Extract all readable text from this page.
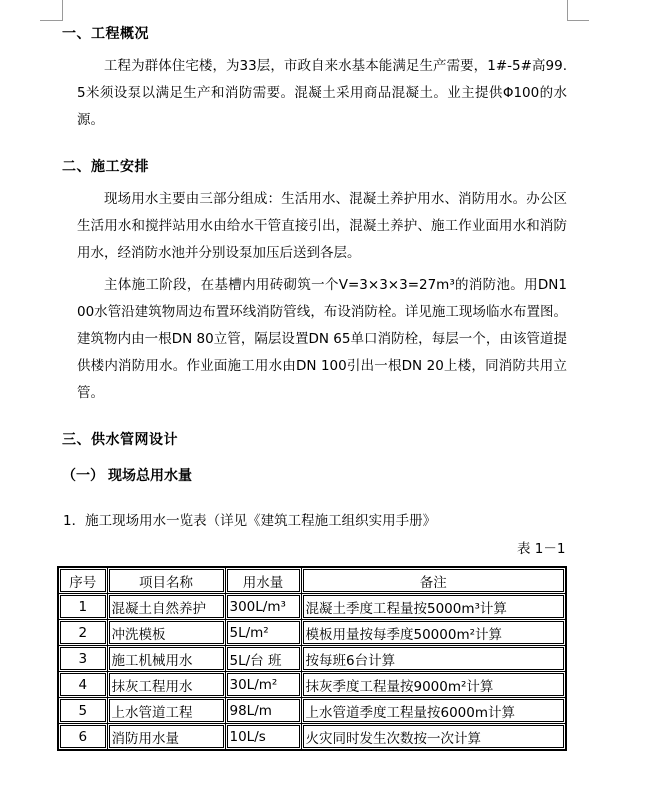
一、工程概况

工程为群体住宅楼，为33层，市政自来水基本能满足生产需要，1#-5#高99.5米须设泵以满足生产和消防需要。混凝土采用商品混凝土。业主提供Φ100的水源。

二、施工安排

现场用水主要由三部分组成：生活用水、混凝土养护用水、消防用水。办公区生活用水和搅拌站用水由给水干管直接引出，混凝土养护、施工作业面用水和消防用水，经消防水池并分别设泵加压后送到各层。

主体施工阶段，在基槽内用砖砌筑一个V=3×3×3=27m³的消防池。用DN100水管沿建筑物周边布置环线消防管线，布设消防栓。详见施工现场临水布置图。建筑物内由一根DN 80立管，隔层设置DN 65单口消防栓，每层一个，由该管道提供楼内消防用水。作业面施工用水由DN 100引出一根DN 20上楼，同消防共用立管。

三、供水管网设计
（一） 现场总用水量
1．施工现场用水一览表（详见《建筑工程施工组织实用手册》
表 1－1
序号	项目名称	用水量	备注
1	混凝土自然养护	300L/m³	混凝土季度工程量按5000m³计算
2	冲洗模板	5L/m²	模板用量按每季度50000m²计算
3	施工机械用水	5L/台 班	按每班6台计算
4	抹灰工程用水	30L/m²	抹灰季度工程量按9000m²计算
5	上水管道工程	98L/m	上水管道季度工程量按6000m计算
6	消防用水量	10L/s	火灾同时发生次数按一次计算
